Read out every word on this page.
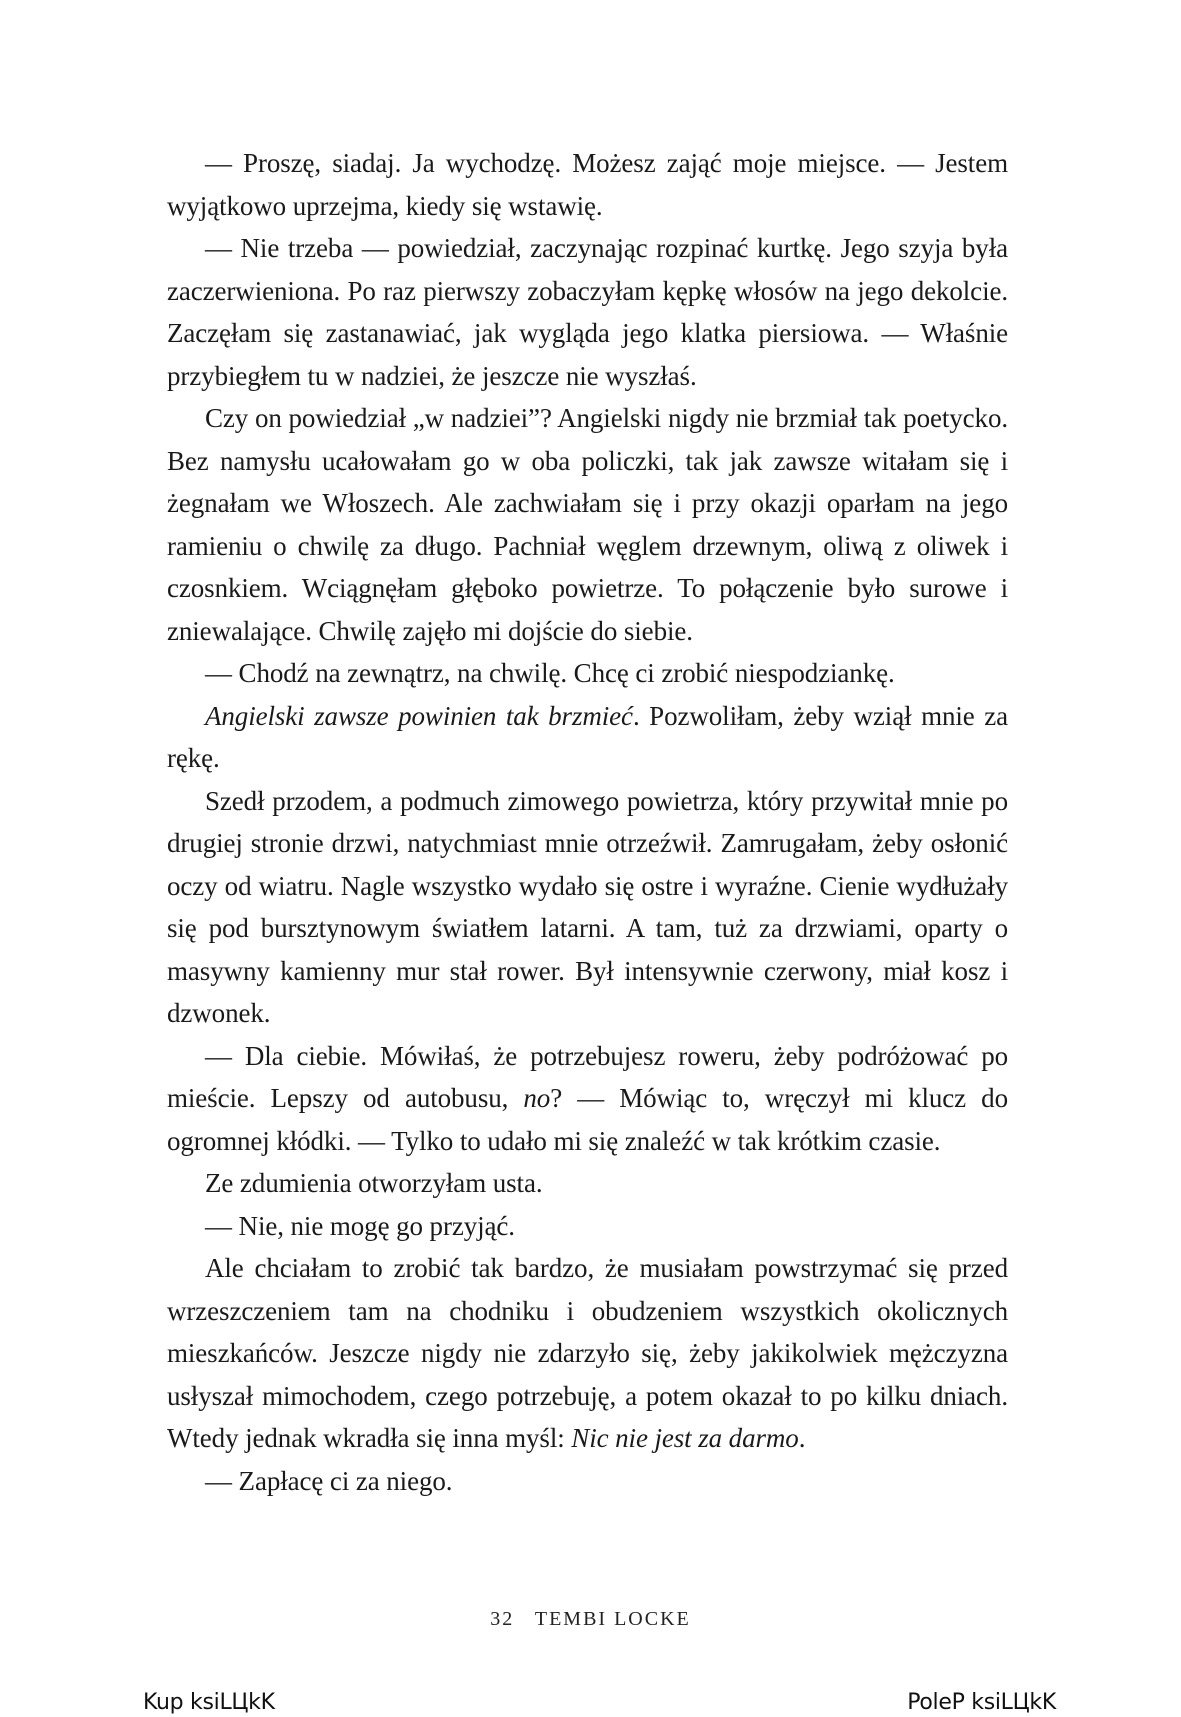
— Proszę, siadaj. Ja wychodzę. Możesz zająć moje miejsce. — Jestem wyjątkowo uprzejma, kiedy się wstawię.

— Nie trzeba — powiedział, zaczynając rozpinać kurtkę. Jego szyja była zaczerwieniona. Po raz pierwszy zobaczyłam kępkę włosów na jego dekolcie. Zaczęłam się zastanawiać, jak wygląda jego klatka piersiowa. — Właśnie przybiegłem tu w nadziei, że jeszcze nie wyszłaś.

Czy on powiedział „w nadziei”? Angielski nigdy nie brzmiał tak poetycko. Bez namysłu ucałowałam go w oba policzki, tak jak zawsze witałam się i żegnałam we Włoszech. Ale zachwiałam się i przy okazji oparłam na jego ramieniu o chwilę za długo. Pachniał węglem drzewnym, oliwą z oliwek i czosnkiem. Wciągnęłam głęboko powietrze. To połączenie było surowe i zniewalające. Chwilę zajęło mi dojście do siebie.

— Chodź na zewnątrz, na chwilę. Chcę ci zrobić niespodziankę.

Angielski zawsze powinien tak brzmieć. Pozwoliłam, żeby wziął mnie za rękę.

Szedł przodem, a podmuch zimowego powietrza, który przywitał mnie po drugiej stronie drzwi, natychmiast mnie otrzeźwił. Zamrugałam, żeby osłonić oczy od wiatru. Nagle wszystko wydało się ostre i wyraźne. Cienie wydłużały się pod bursztynowym światłem latarni. A tam, tuż za drzwiami, oparty o masywny kamienny mur stał rower. Był intensywnie czerwony, miał kosz i dzwonek.

— Dla ciebie. Mówiłaś, że potrzebujesz roweru, żeby podróżować po mieście. Lepszy od autobusu, no? — Mówiąc to, wręczył mi klucz do ogromnej kłódki. — Tylko to udało mi się znaleźć w tak krótkim czasie.

Ze zdumienia otworzyłam usta.

— Nie, nie mogę go przyjąć.

Ale chciałam to zrobić tak bardzo, że musiałam powstrzymać się przed wrzeszczeniem tam na chodniku i obudzeniem wszystkich okolicznych mieszkańców. Jeszcze nigdy nie zdarzyło się, żeby jakikolwiek mężczyzna usłyszał mimochodem, czego potrzebuję, a potem okazał to po kilku dniach. Wtedy jednak wkradła się inna myśl: Nic nie jest za darmo.

— Zapłacę ci za niego.

32 TEMBI LOCKE
Kup ksiLЦkK	PoleP ksiLЦkK
